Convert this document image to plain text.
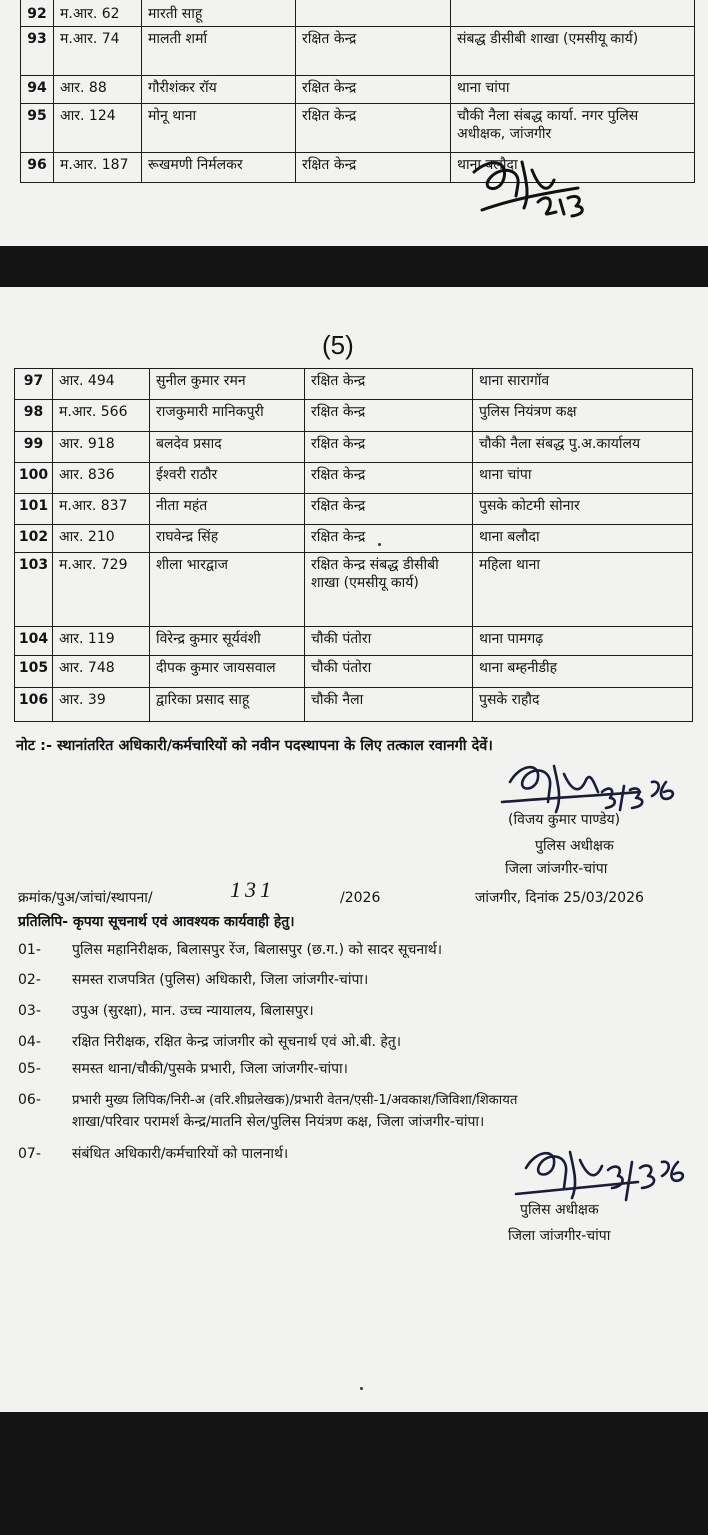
92	म.आर. 62	मारती साहू		
93	म.आर. 74	मालती शर्मा	रक्षित केन्द्र	संबद्ध डीसीबी शाखा (एमसीयू कार्य)
94	आर. 88	गौरीशंकर रॉय	रक्षित केन्द्र	थाना चांपा
95	आर. 124	मोनू थाना	रक्षित केन्द्र	चौकी नैला संबद्ध कार्या. नगर पुलिस अधीक्षक, जांजगीर
96	म.आर. 187	रूखमणी निर्मलकर	रक्षित केन्द्र	थाना बलौदा
(5)
97	आर. 494	सुनील कुमार रमन	रक्षित केन्द्र	थाना सारागॉव
98	म.आर. 566	राजकुमारी मानिकपुरी	रक्षित केन्द्र	पुलिस नियंत्रण कक्ष
99	आर. 918	बलदेव प्रसाद	रक्षित केन्द्र	चौकी नैला संबद्ध पु.अ.कार्यालय
100	आर. 836	ईश्वरी राठौर	रक्षित केन्द्र	थाना चांपा
101	म.आर. 837	नीता महंत	रक्षित केन्द्र	पुसके कोटमी सोनार
102	आर. 210	राघवेन्द्र सिंह	रक्षित केन्द्र	थाना बलौदा
103	म.आर. 729	शीला भारद्वाज	रक्षित केन्द्र संबद्ध डीसीबी शाखा (एमसीयू कार्य)	महिला थाना
104	आर. 119	विरेन्द्र कुमार सूर्यवंशी	चौकी पंतोरा	थाना पामगढ़
105	आर. 748	दीपक कुमार जायसवाल	चौकी पंतोरा	थाना बम्हनीडीह
106	आर. 39	द्वारिका प्रसाद साहू	चौकी नैला	पुसके राहौद
नोट :- स्थानांतरित अधिकारी/कर्मचारियों को नवीन पदस्थापना के लिए तत्काल रवानगी देवें।
(विजय कुमार पाण्डेय)
पुलिस अधीक्षक
जिला जांजगीर-चांपा
क्रमांक/पुअ/जांचां/स्थापना/	131	/2026	जांजगीर, दिनांक 25/03/2026
प्रतिलिपि- कृपया सूचनार्थ एवं आवश्यक कार्यवाही हेतु।
01- पुलिस महानिरीक्षक, बिलासपुर रेंज, बिलासपुर (छ.ग.) को सादर सूचनार्थ।
02- समस्त राजपत्रित (पुलिस) अधिकारी, जिला जांजगीर-चांपा।
03- उपुअ (सुरक्षा), मान. उच्च न्यायालय, बिलासपुर।
04- रक्षित निरीक्षक, रक्षित केन्द्र जांजगीर को सूचनार्थ एवं ओ.बी. हेतु।
05- समस्त थाना/चौकी/पुसके प्रभारी, जिला जांजगीर-चांपा।
06- प्रभारी मुख्य लिपिक/निरी-अ (वरि.शीघ्रलेखक)/प्रभारी वेतन/एसी-1/अवकाश/जिविशा/शिकायत
शाखा/परिवार परामर्श केन्द्र/मातनि सेल/पुलिस नियंत्रण कक्ष, जिला जांजगीर-चांपा।
07- संबंधित अधिकारी/कर्मचारियों को पालनार्थ।
पुलिस अधीक्षक
जिला जांजगीर-चांपा
